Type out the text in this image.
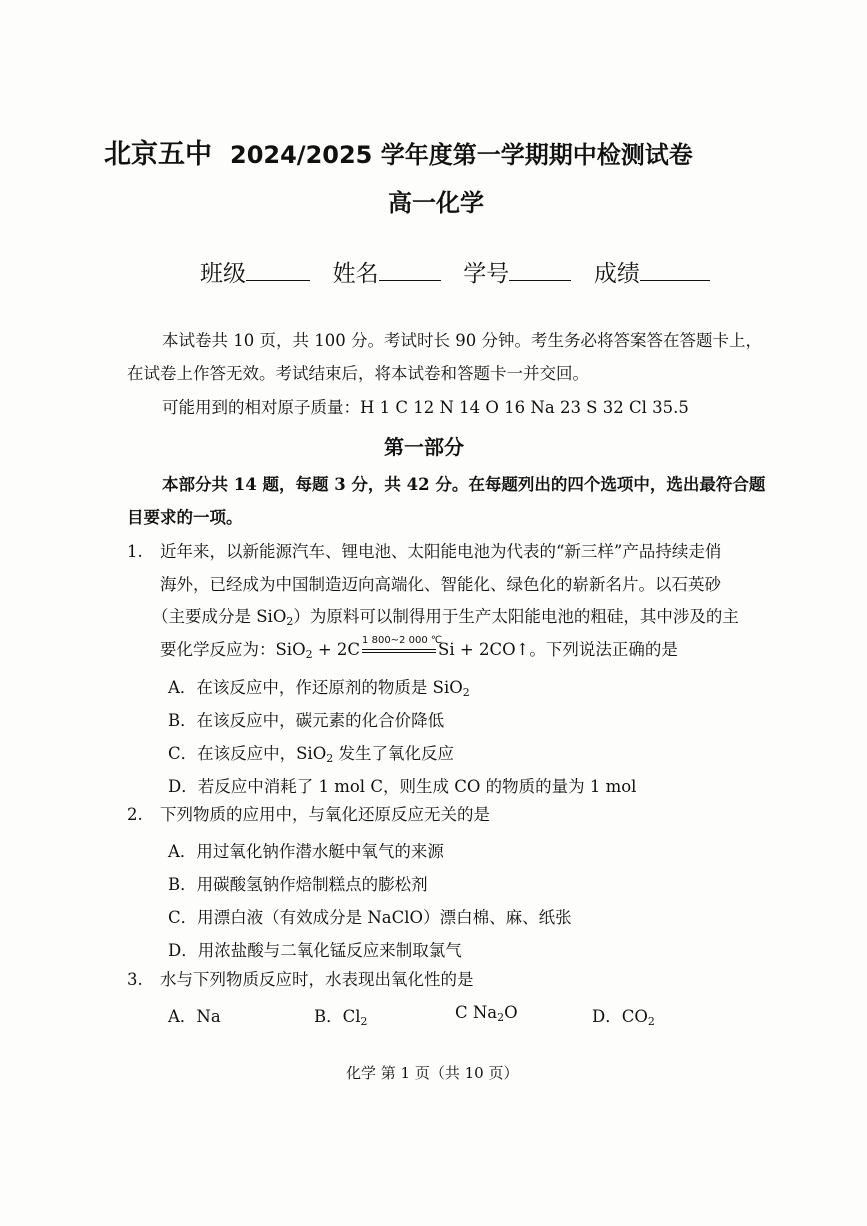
北京五中 2024/2025 学年度第一学期期中检测试卷
高一化学
班级	姓名	学号	成绩
本试卷共 10 页，共 100 分。考试时长 90 分钟。考生务必将答案答在答题卡上，
在试卷上作答无效。考试结束后，将本试卷和答题卡一并交回。
可能用到的相对原子质量：H 1 C 12 N 14 O 16 Na 23 S 32 Cl 35.5
第一部分
本部分共 14 题，每题 3 分，共 42 分。在每题列出的四个选项中，选出最符合题
目要求的一项。
1. 近年来，以新能源汽车、锂电池、太阳能电池为代表的“新三样”产品持续走俏
海外，已经成为中国制造迈向高端化、智能化、绿色化的崭新名片。以石英砂
（主要成分是 SiO$_2$）为原料可以制得用于生产太阳能电池的粗硅，其中涉及的主
要化学反应为：SiO$_2$ + 2C 1 800~2 000 ℃
Si + 2CO↑。下列说法正确的是
A．在该反应中，作还原剂的物质是 SiO$_2$
B．在该反应中，碳元素的化合价降低
C．在该反应中，SiO$_2$ 发生了氧化反应
D．若反应中消耗了 1 mol C，则生成 CO 的物质的量为 1 mol
2. 下列物质的应用中，与氧化还原反应无关的是
A．用过氧化钠作潜水艇中氧气的来源
B．用碳酸氢钠作焙制糕点的膨松剂
C．用漂白液（有效成分是 NaClO）漂白棉、麻、纸张
D．用浓盐酸与二氧化锰反应来制取氯气
3. 水与下列物质反应时，水表现出氧化性的是
A．Na	B．$Cl_2$	C $Na_2O$	D．$CO_2$
化学 第 1 页（共 10 页）
